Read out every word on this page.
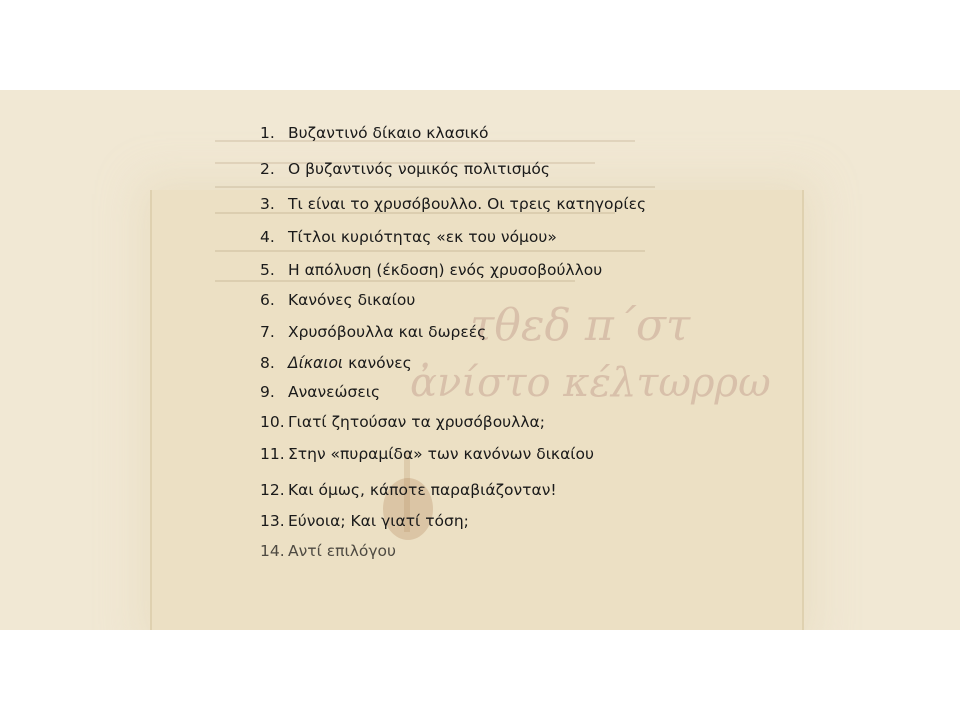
τθεδ π΄στ
ἀνίστο κέλτωρρω
1. Βυζαντινό δίκαιο κλασικό
2. Ο βυζαντινός νομικός πολιτισμός
3. Τι είναι το χρυσόβουλλο. Οι τρεις κατηγορίες
4. Τίτλοι κυριότητας «εκ του νόμου»
5. Η απόλυση (έκδοση) ενός χρυσοβούλλου
6. Κανόνες δικαίου
7. Χρυσόβουλλα και δωρεές
8. Δίκαιοι κανόνες
9. Ανανεώσεις
10. Γιατί ζητούσαν τα χρυσόβουλλα;
11. Στην «πυραμίδα» των κανόνων δικαίου
12. Και όμως, κάποτε παραβιάζονταν!
13. Εύνοια; Και γιατί τόση;
14. Αντί επιλόγου
